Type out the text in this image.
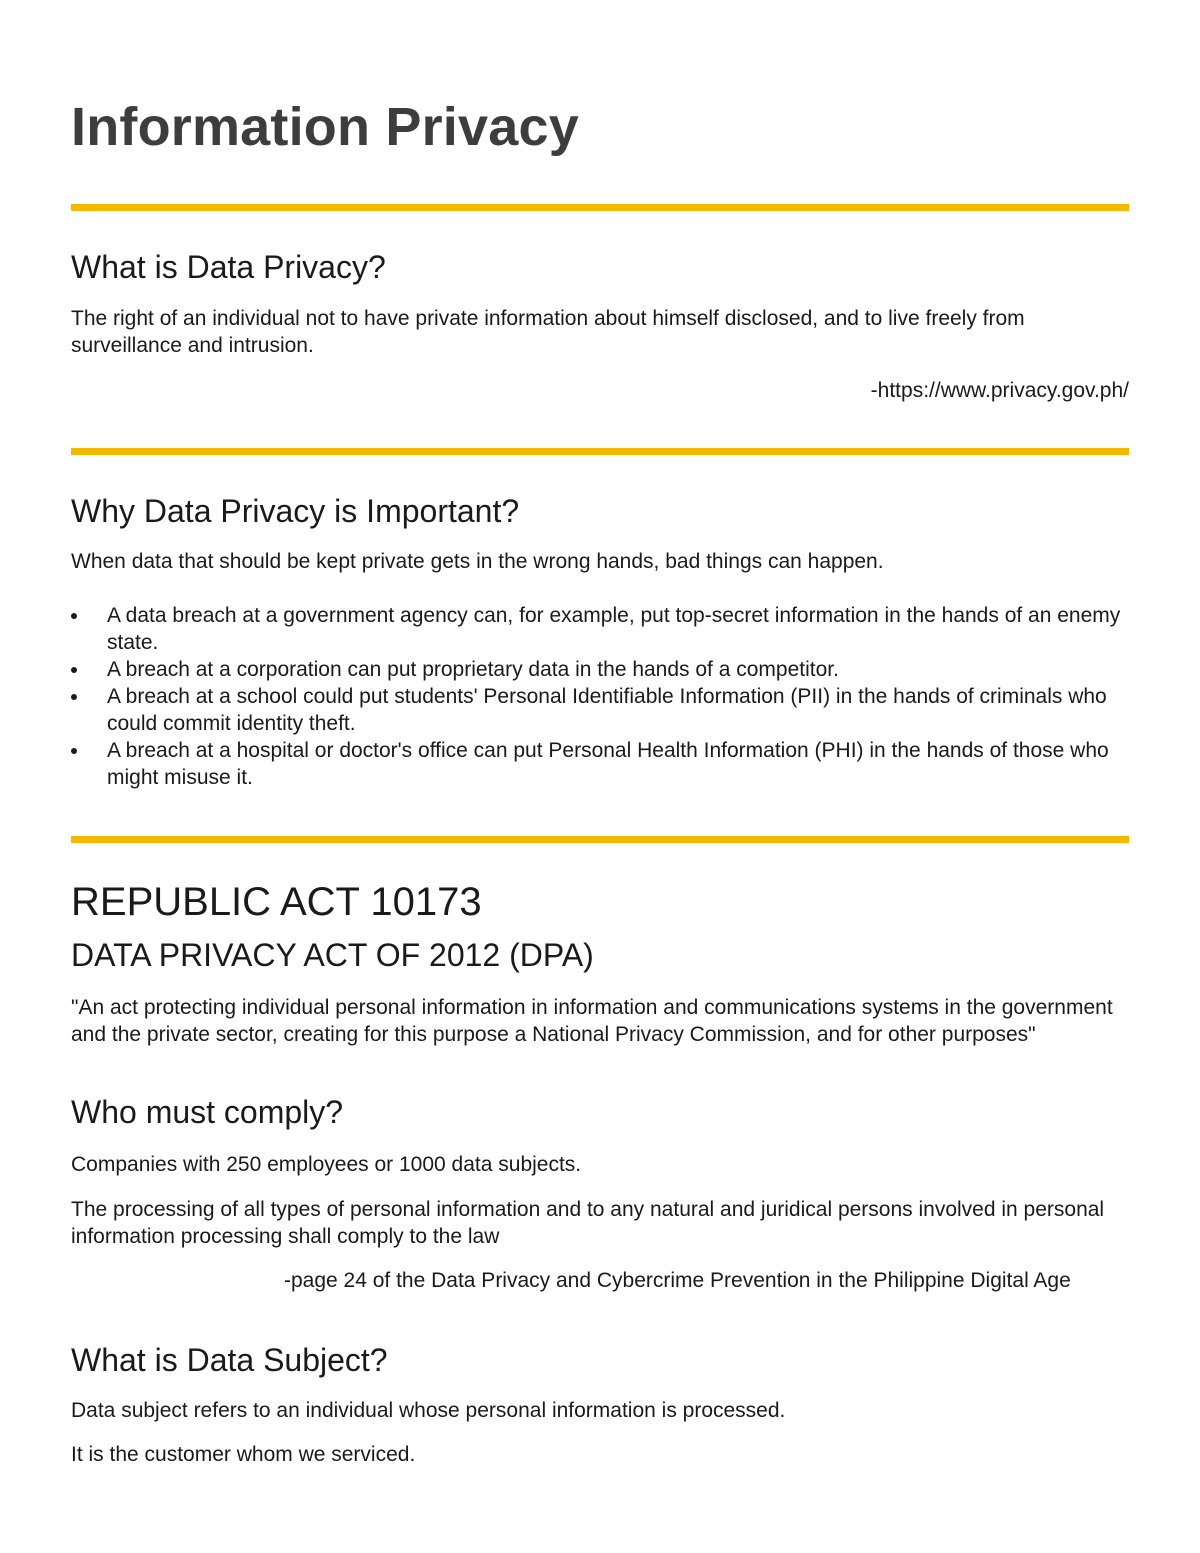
Information Privacy
What is Data Privacy?

The right of an individual not to have private information about himself disclosed, and to live freely from surveillance and intrusion.

-https://www.privacy.gov.ph/

Why Data Privacy is Important?

When data that should be kept private gets in the wrong hands, bad things can happen.

A data breach at a government agency can, for example, put top-secret information in the hands of an enemy state.
A breach at a corporation can put proprietary data in the hands of a competitor.
A breach at a school could put students' Personal Identifiable Information (PII) in the hands of criminals who could commit identity theft.
A breach at a hospital or doctor's office can put Personal Health Information (PHI) in the hands of those who might misuse it.
REPUBLIC ACT 10173
DATA PRIVACY ACT OF 2012 (DPA)

"An act protecting individual personal information in information and communications systems in the government and the private sector, creating for this purpose a National Privacy Commission, and for other purposes"

Who must comply?

Companies with 250 employees or 1000 data subjects.

The processing of all types of personal information and to any natural and juridical persons involved in personal information processing shall comply to the law

-page 24 of the Data Privacy and Cybercrime Prevention in the Philippine Digital Age

What is Data Subject?

Data subject refers to an individual whose personal information is processed.

It is the customer whom we serviced.
